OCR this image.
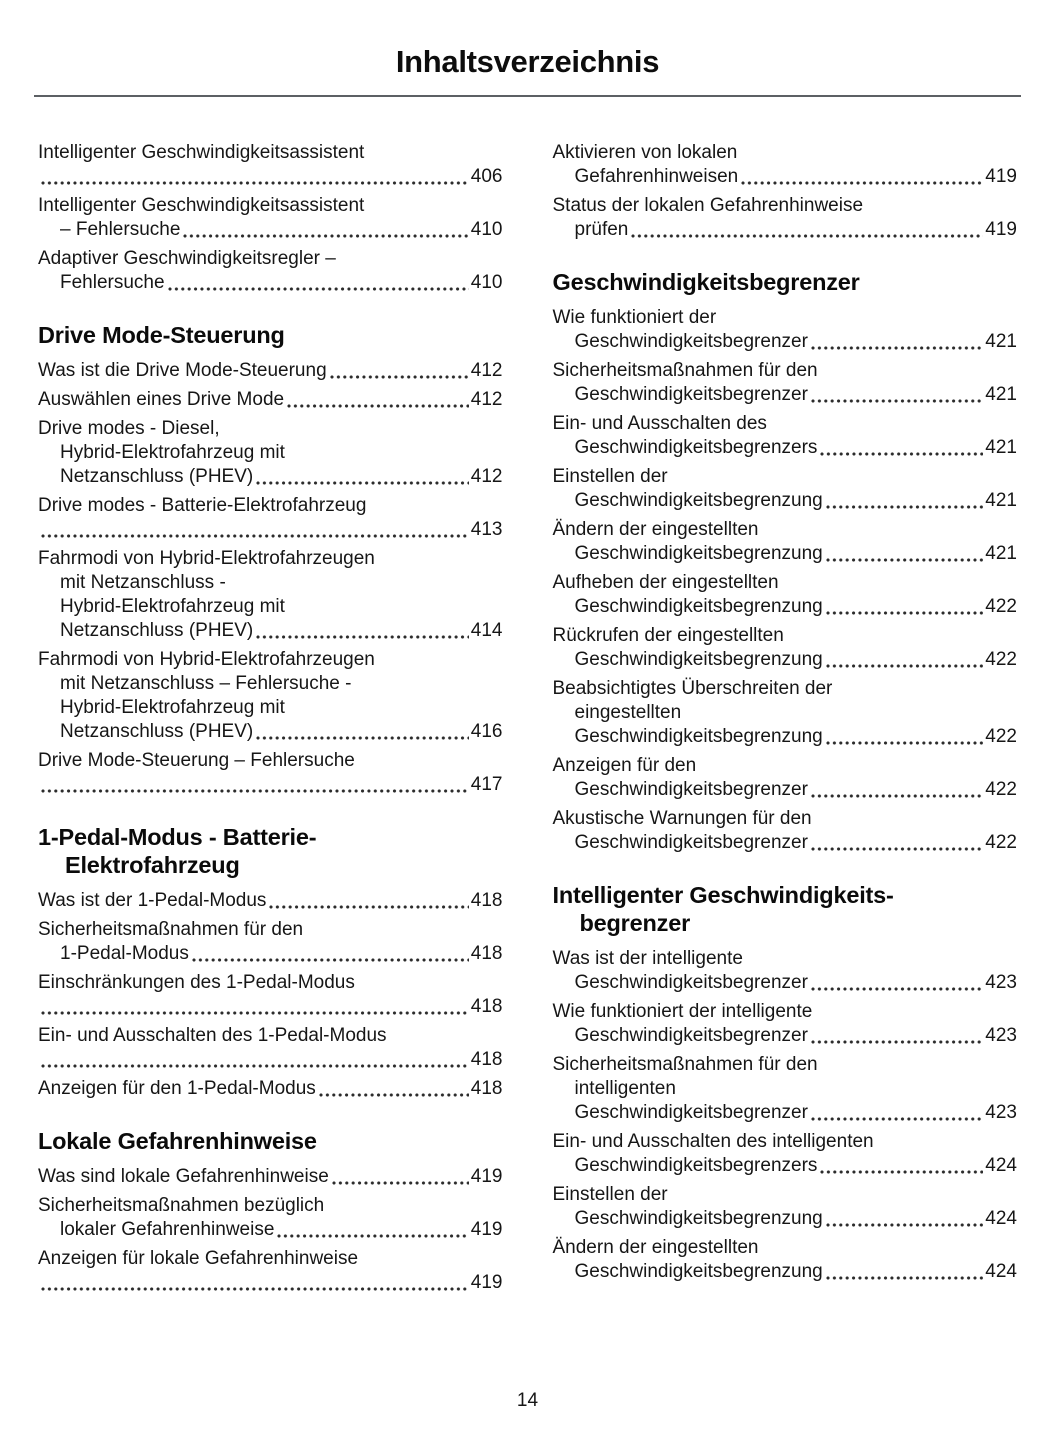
Inhaltsverzeichnis
Intelligenter Geschwindigkeitsassistent
406
Intelligenter Geschwindigkeitsassistent
– Fehlersuche	410
Adaptiver Geschwindigkeitsregler –
Fehlersuche	410
Drive Mode-Steuerung
Was ist die Drive Mode-Steuerung	412
Auswählen eines Drive Mode	412
Drive modes - Diesel,
Hybrid-Elektrofahrzeug mit
Netzanschluss (PHEV)	412
Drive modes - Batterie-Elektrofahrzeug
413
Fahrmodi von Hybrid-Elektrofahrzeugen
mit Netzanschluss -
Hybrid-Elektrofahrzeug mit
Netzanschluss (PHEV)	414
Fahrmodi von Hybrid-Elektrofahrzeugen
mit Netzanschluss – Fehlersuche -
Hybrid-Elektrofahrzeug mit
Netzanschluss (PHEV)	416
Drive Mode-Steuerung – Fehlersuche
417
1-Pedal-Modus - Batterie-
Elektrofahrzeug
Was ist der 1-Pedal-Modus	418
Sicherheitsmaßnahmen für den
1-Pedal-Modus	418
Einschränkungen des 1-Pedal-Modus
418
Ein- und Ausschalten des 1-Pedal-Modus
418
Anzeigen für den 1-Pedal-Modus	418
Lokale Gefahrenhinweise
Was sind lokale Gefahrenhinweise	419
Sicherheitsmaßnahmen bezüglich
lokaler Gefahrenhinweise	419
Anzeigen für lokale Gefahrenhinweise
419
Aktivieren von lokalen
Gefahrenhinweisen	419
Status der lokalen Gefahrenhinweise
prüfen	419
Geschwindigkeitsbegrenzer
Wie funktioniert der
Geschwindigkeitsbegrenzer	421
Sicherheitsmaßnahmen für den
Geschwindigkeitsbegrenzer	421
Ein- und Ausschalten des
Geschwindigkeitsbegrenzers	421
Einstellen der
Geschwindigkeitsbegrenzung	421
Ändern der eingestellten
Geschwindigkeitsbegrenzung	421
Aufheben der eingestellten
Geschwindigkeitsbegrenzung	422
Rückrufen der eingestellten
Geschwindigkeitsbegrenzung	422
Beabsichtigtes Überschreiten der
eingestellten
Geschwindigkeitsbegrenzung	422
Anzeigen für den
Geschwindigkeitsbegrenzer	422
Akustische Warnungen für den
Geschwindigkeitsbegrenzer	422
Intelligenter Geschwindigkeits-
begrenzer
Was ist der intelligente
Geschwindigkeitsbegrenzer	423
Wie funktioniert der intelligente
Geschwindigkeitsbegrenzer	423
Sicherheitsmaßnahmen für den
intelligenten
Geschwindigkeitsbegrenzer	423
Ein- und Ausschalten des intelligenten
Geschwindigkeitsbegrenzers	424
Einstellen der
Geschwindigkeitsbegrenzung	424
Ändern der eingestellten
Geschwindigkeitsbegrenzung	424
14
